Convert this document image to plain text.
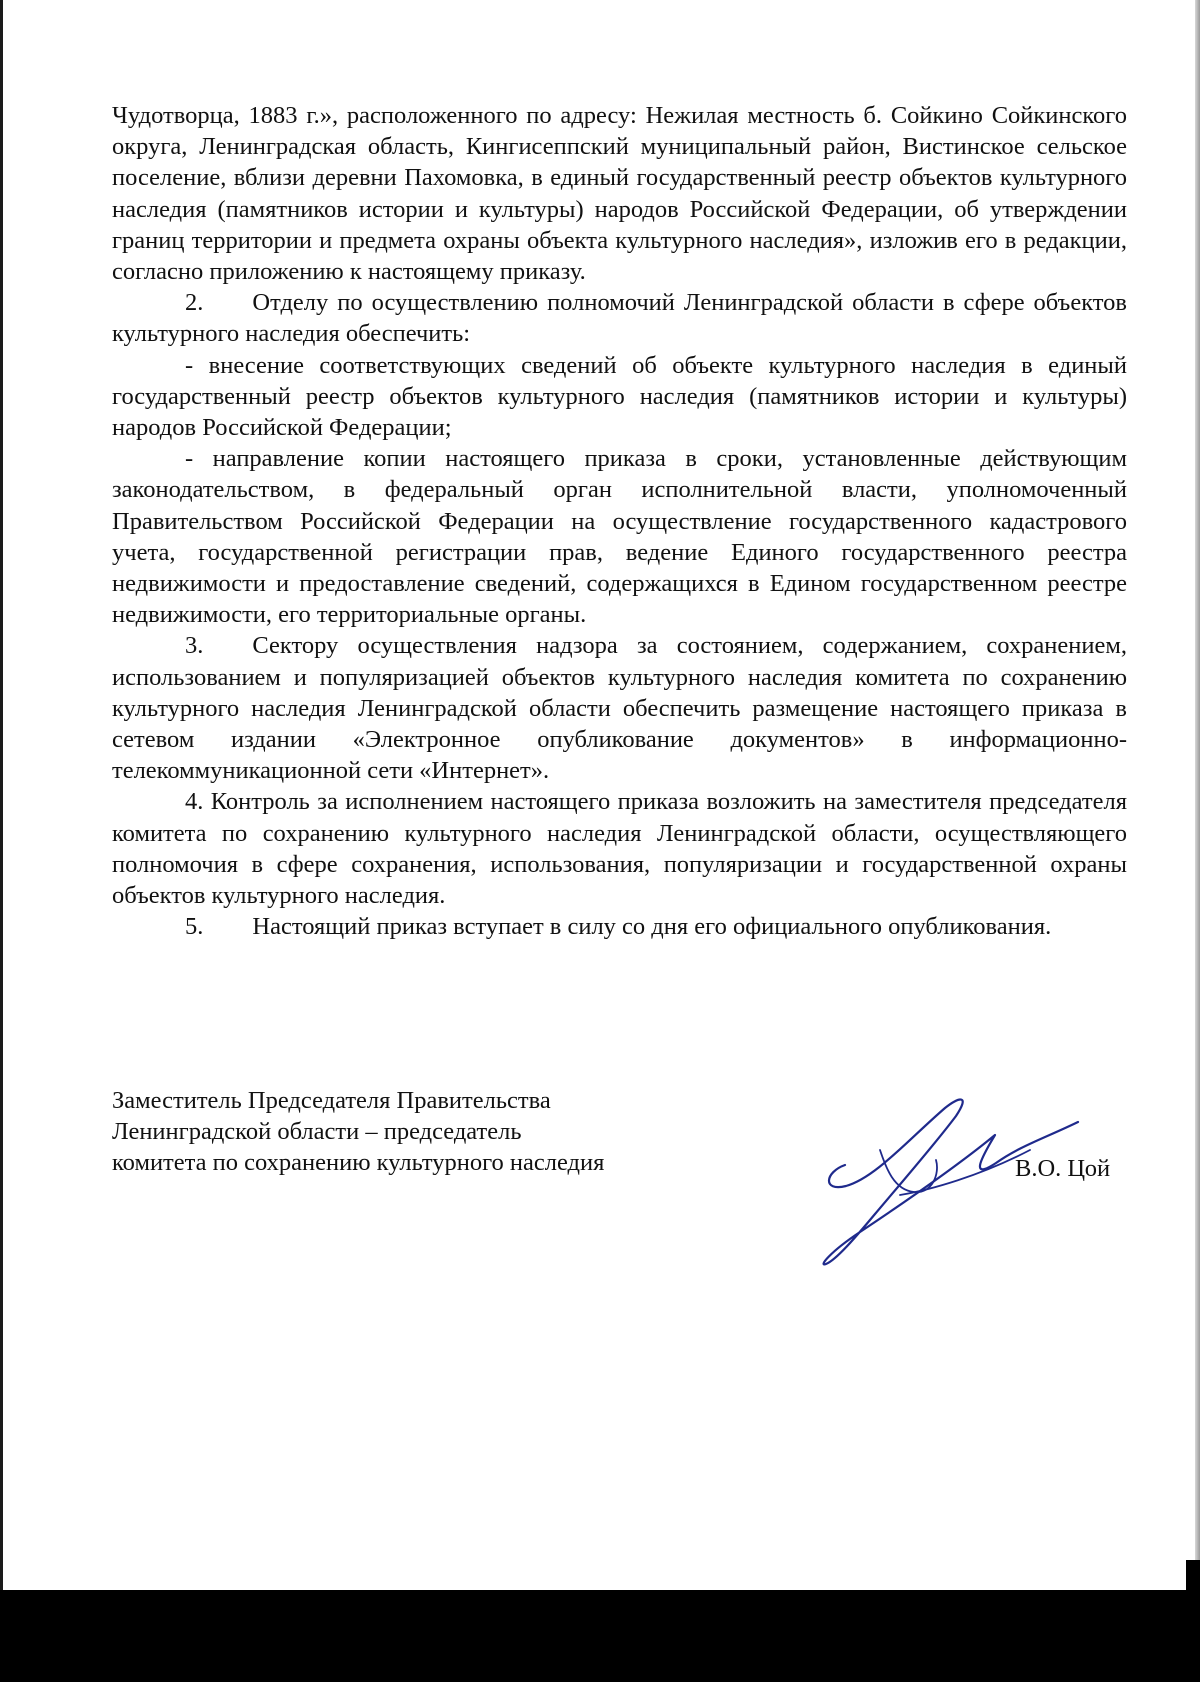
Чудотворца, 1883 г.», расположенного по адресу: Нежилая местность б. Сойкино Сойкинского округа, Ленинградская область, Кингисеппский муниципальный район, Вистинское сельское поселение, вблизи деревни Пахомовка, в единый государственный реестр объектов культурного наследия (памятников истории и культуры) народов Российской Федерации, об утверждении границ территории и предмета охраны объекта культурного наследия», изложив его в редакции, согласно приложению к настоящему приказу.

2.  Отделу по осуществлению полномочий Ленинградской области в сфере объектов культурного наследия обеспечить:

- внесение соответствующих сведений об объекте культурного наследия в единый государственный реестр объектов культурного наследия (памятников истории и культуры) народов Российской Федерации;

- направление копии настоящего приказа в сроки, установленные действующим законодательством, в федеральный орган исполнительной власти, уполномоченный Правительством Российской Федерации на осуществление государственного кадастрового учета, государственной регистрации прав, ведение Единого государственного реестра недвижимости и предоставление сведений, содержащихся в Едином государственном реестре недвижимости, его территориальные органы.

3.  Сектору осуществления надзора за состоянием, содержанием, сохранением, использованием и популяризацией объектов культурного наследия комитета по сохранению культурного наследия Ленинградской области обеспечить размещение настоящего приказа в сетевом издании «Электронное опубликование документов» в информационно-телекоммуникационной сети «Интернет».

4. Контроль за исполнением настоящего приказа возложить на заместителя председателя комитета по сохранению культурного наследия Ленинградской области, осуществляющего полномочия в сфере сохранения, использования, популяризации и государственной охраны объектов культурного наследия.

5.  Настоящий приказ вступает в силу со дня его официального опубликования.

Заместитель Председателя Правительства
Ленинградской области – председатель
комитета по сохранению культурного наследия	В.О. Цой
